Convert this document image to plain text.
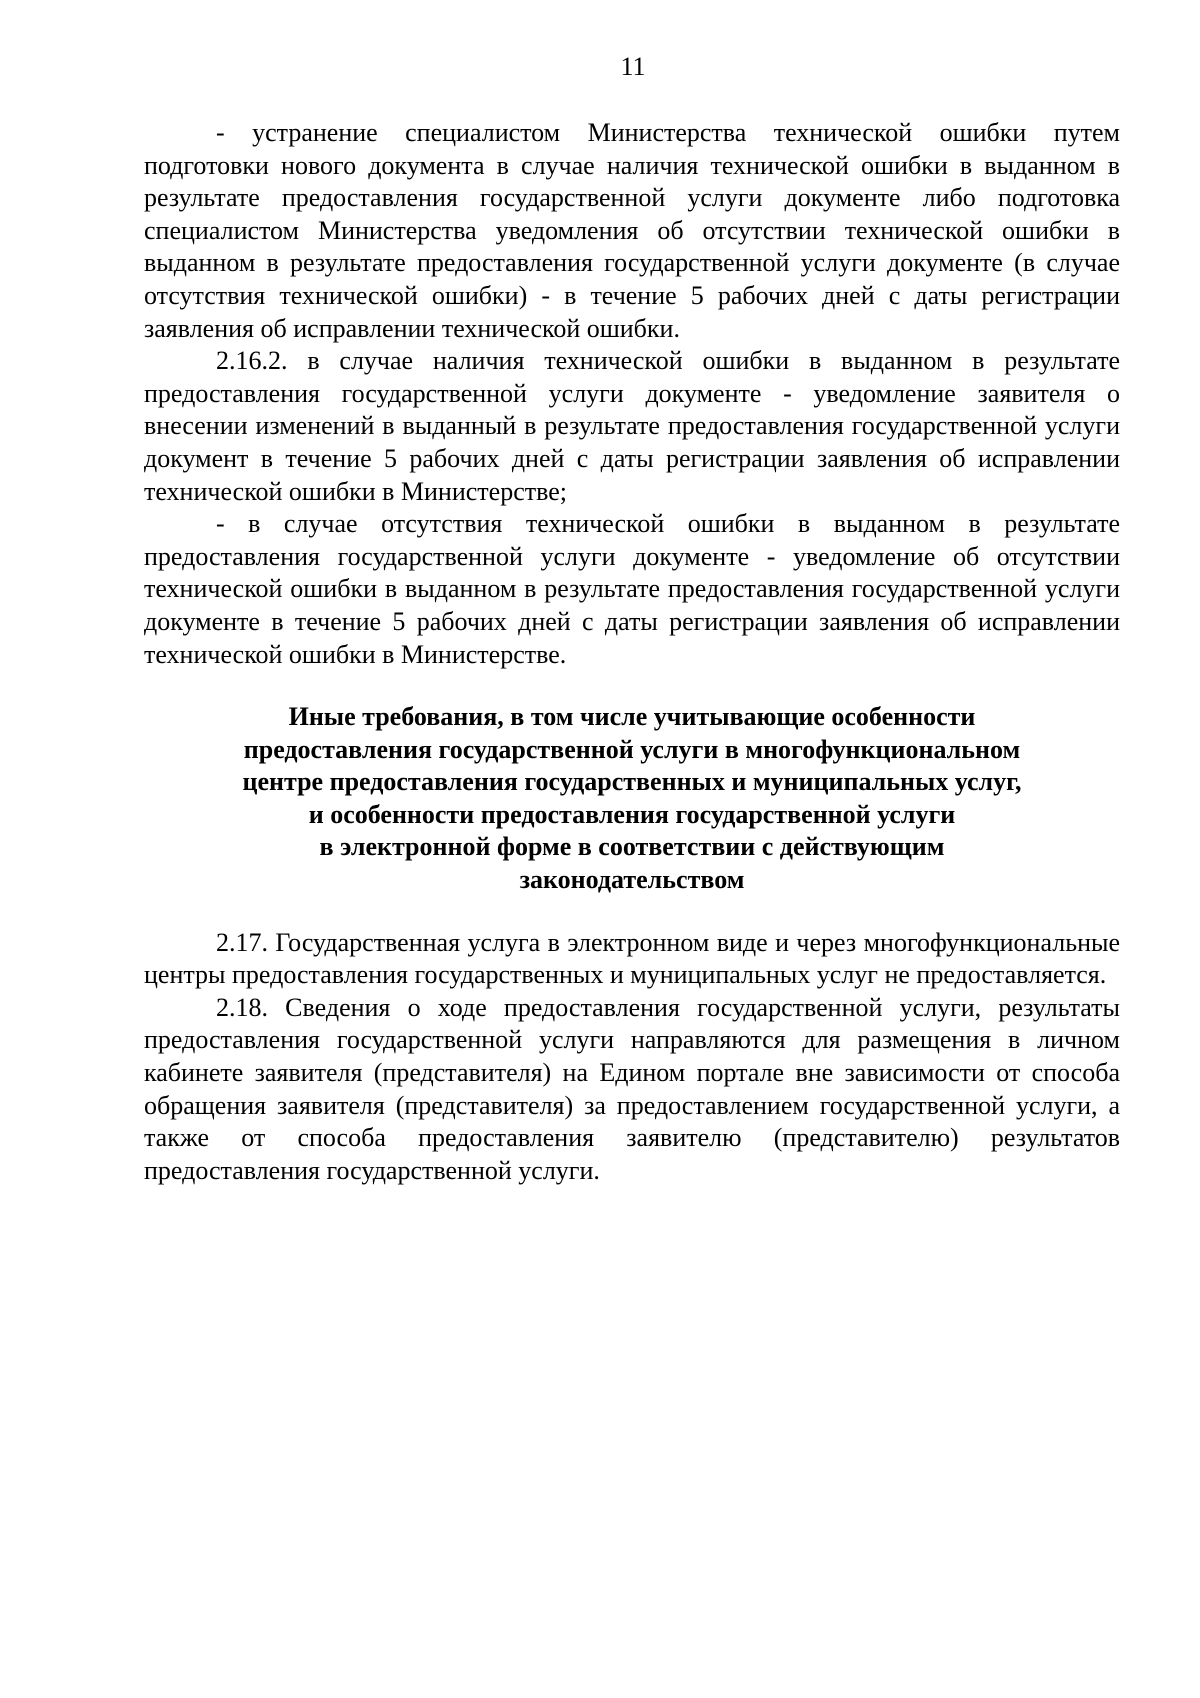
11

- устранение специалистом Министерства технической ошибки путем подготовки нового документа в случае наличия технической ошибки в выданном в результате предоставления государственной услуги документе либо подготовка специалистом Министерства уведомления об отсутствии технической ошибки в выданном в результате предоставления государственной услуги документе (в случае отсутствия технической ошибки) - в течение 5 рабочих дней с даты регистрации заявления об исправлении технической ошибки.

2.16.2. в случае наличия технической ошибки в выданном в результате предоставления государственной услуги документе - уведомление заявителя о внесении изменений в выданный в результате предоставления государственной услуги документ в течение 5 рабочих дней с даты регистрации заявления об исправлении технической ошибки в Министерстве;

- в случае отсутствия технической ошибки в выданном в результате предоставления государственной услуги документе - уведомление об отсутствии технической ошибки в выданном в результате предоставления государственной услуги документе в течение 5 рабочих дней с даты регистрации заявления об исправлении технической ошибки в Министерстве.

Иные требования, в том числе учитывающие особенности
предоставления государственной услуги в многофункциональном
центре предоставления государственных и муниципальных услуг,
и особенности предоставления государственной услуги
в электронной форме в соответствии с действующим
законодательством

2.17. Государственная услуга в электронном виде и через многофункциональные центры предоставления государственных и муниципальных услуг не предоставляется.

2.18. Сведения о ходе предоставления государственной услуги, результаты предоставления государственной услуги направляются для размещения в личном кабинете заявителя (представителя) на Едином портале вне зависимости от способа обращения заявителя (представителя) за предоставлением государственной услуги, а также от способа предоставления заявителю (представителю) результатов предоставления государственной услуги.
